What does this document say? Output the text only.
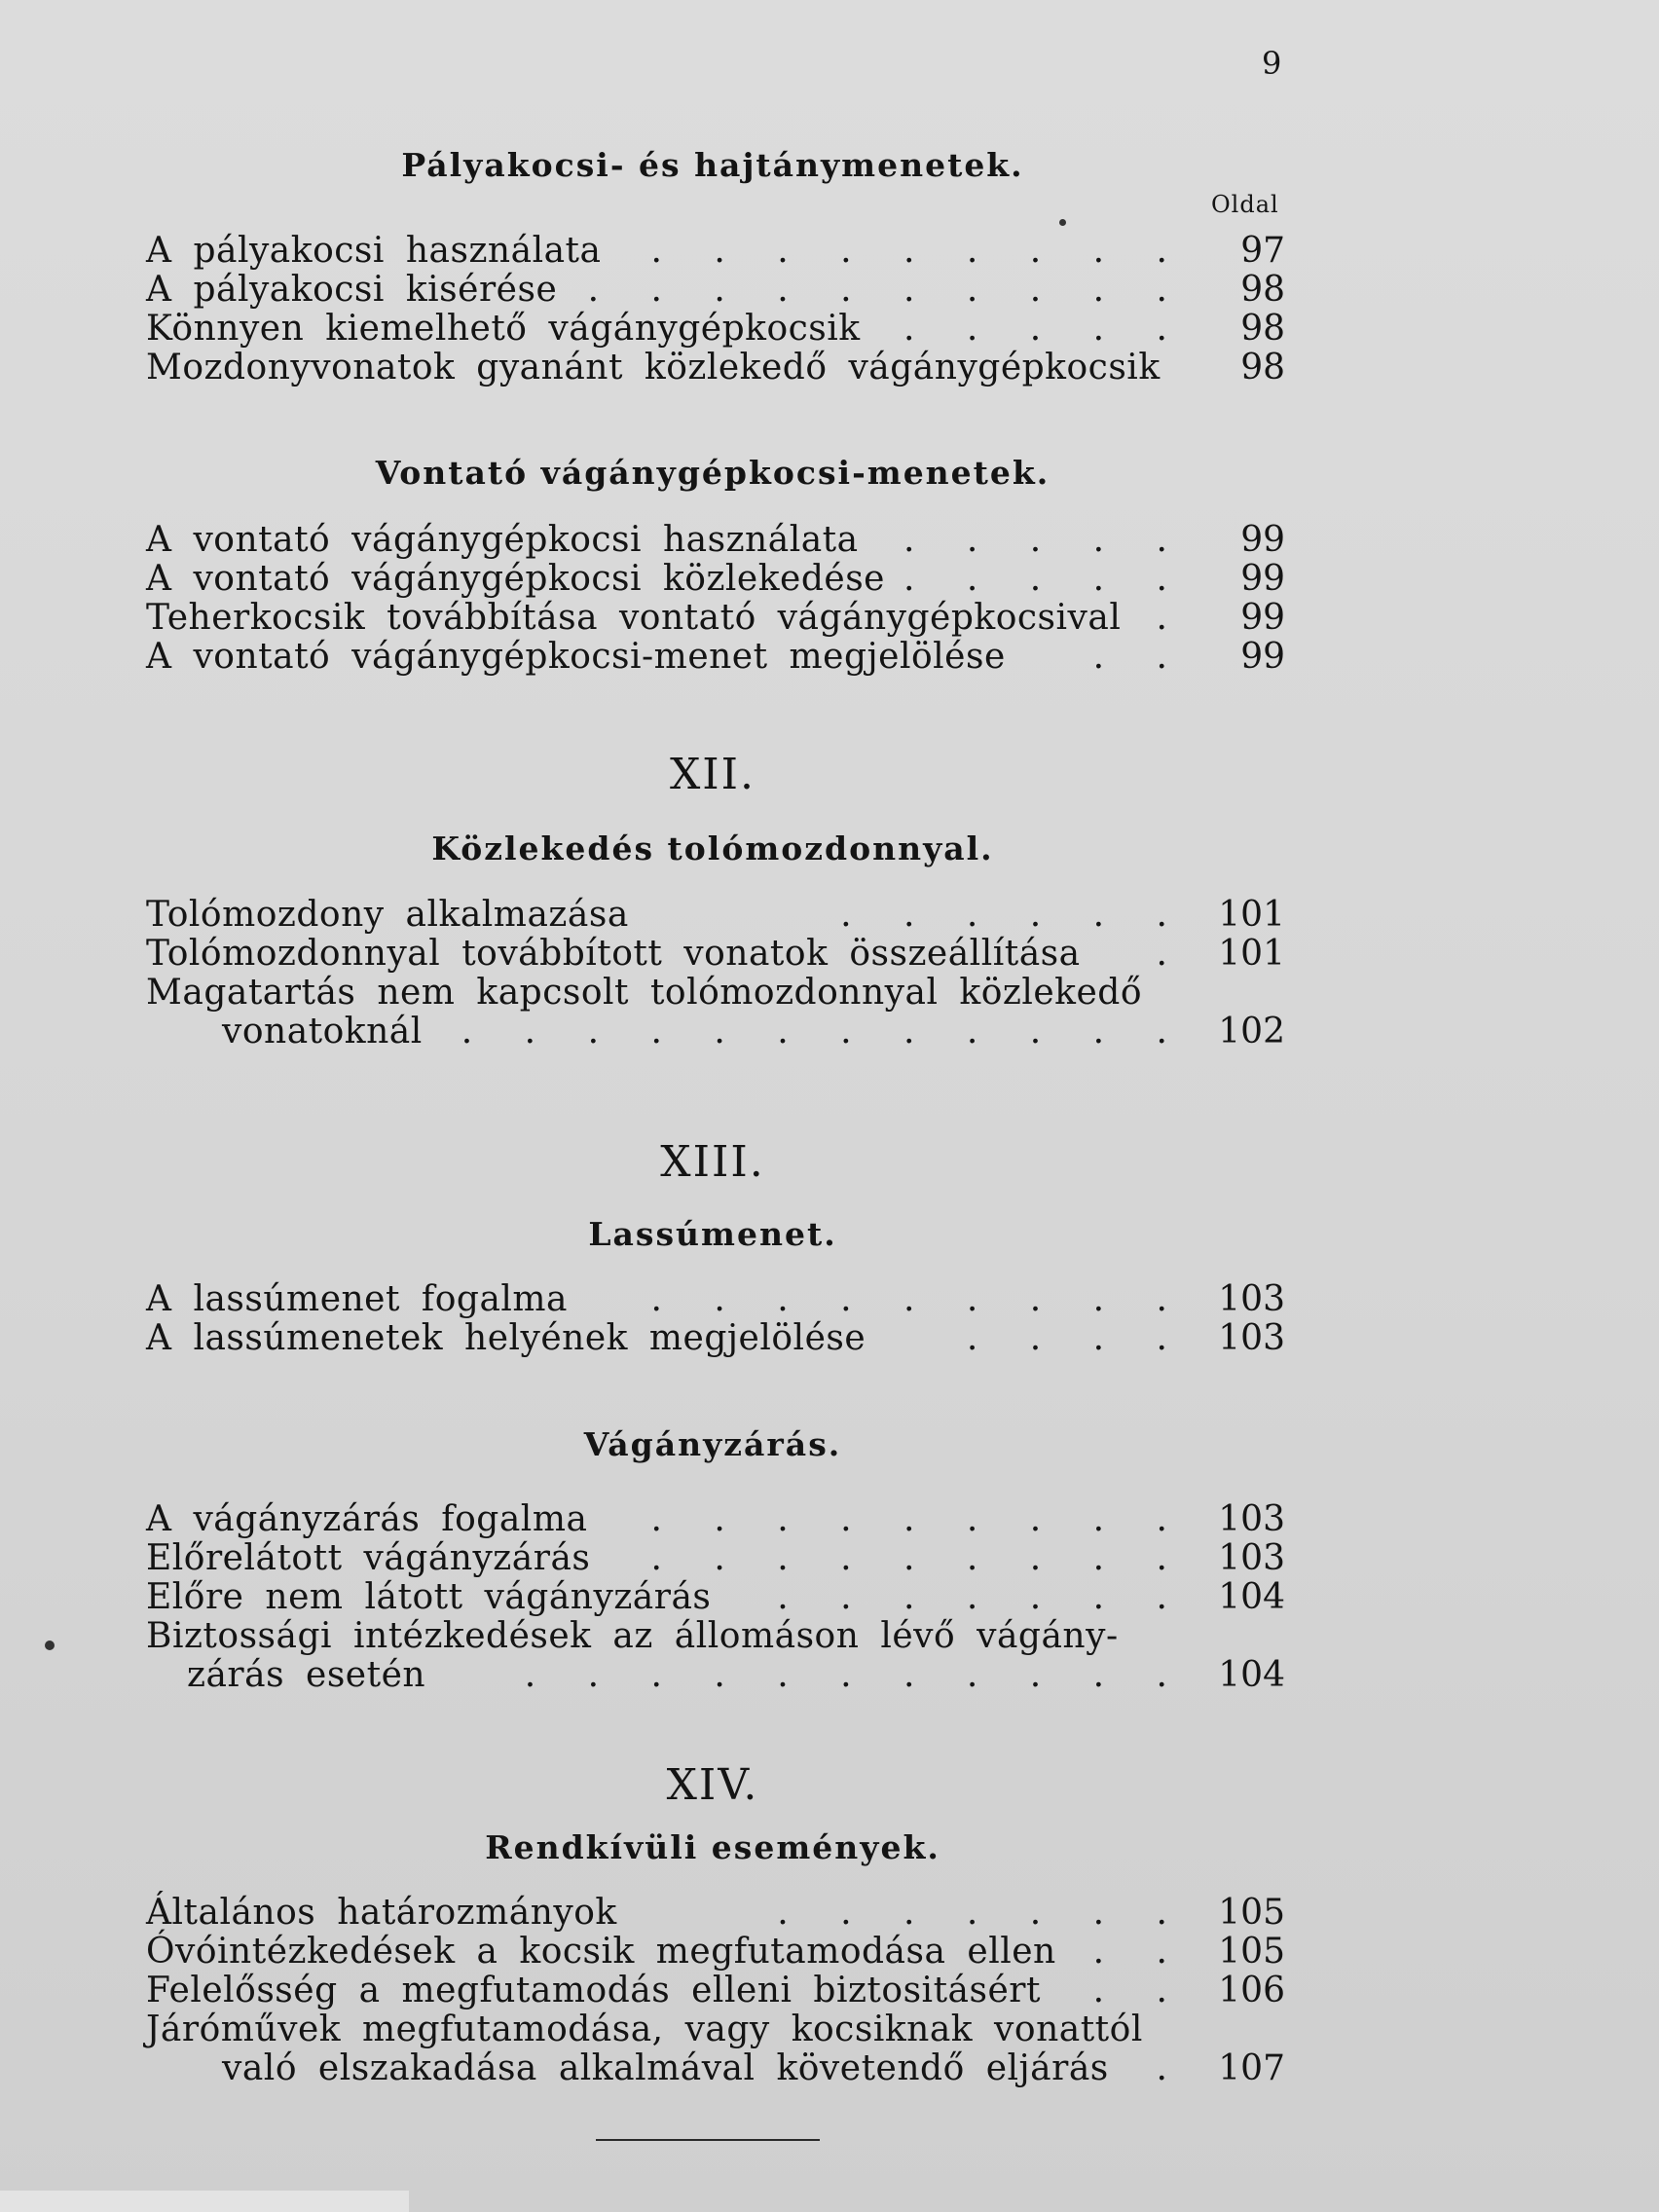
9
Pályakocsi- és hajtánymenetek.
Oldal
A pályakocsi használata . . . . . . . . .	97
A pályakocsi kisérése . . . . . . . . . .	98
Könnyen kiemelhető vágánygépkocsik . . . . .	98
Mozdonyvonatok gyanánt közlekedő vágánygépkocsik	98
Vontató vágánygépkocsi-menetek.
A vontató vágánygépkocsi használata . . . . .	99
A vontató vágánygépkocsi közlekedése . . . . .	99
Teherkocsik továbbítása vontató vágánygépkocsival .	99
A vontató vágánygépkocsi-menet megjelölése . .	99
XII.
Közlekedés tolómozdonnyal.
Tolómozdony alkalmazása	. . . . . . 101
Tolómozdonnyal továbbított vonatok összeállítása . 101
Magatartás nem kapcsolt tolómozdonnyal közlekedő
vonatoknál . . . . . . . . . . . . 102
XIII.
Lassúmenet.
A lassúmenet fogalma . . . . . . . . . 103
A lassúmenetek helyének megjelölése	. . . . 103
Vágányzárás.
A vágányzárás fogalma . . . . . . . . . 103
Előrelátott vágányzárás . . . . . . . . . 103
Előre nem látott vágányzárás . . . . . . . 104
Biztossági intézkedések az állomáson lévő vágány-
zárás esetén	. . . . . . . . . . . 104
XIV.
Rendkívüli események.
Általános határozmányok	. . . . . . . 105
Óvóintézkedések a kocsik megfutamodása ellen . . 105
Felelősség a megfutamodás elleni biztositásért . . 106
Járóművek megfutamodása, vagy kocsiknak vonattól
való elszakadása alkalmával követendő eljárás . 107
